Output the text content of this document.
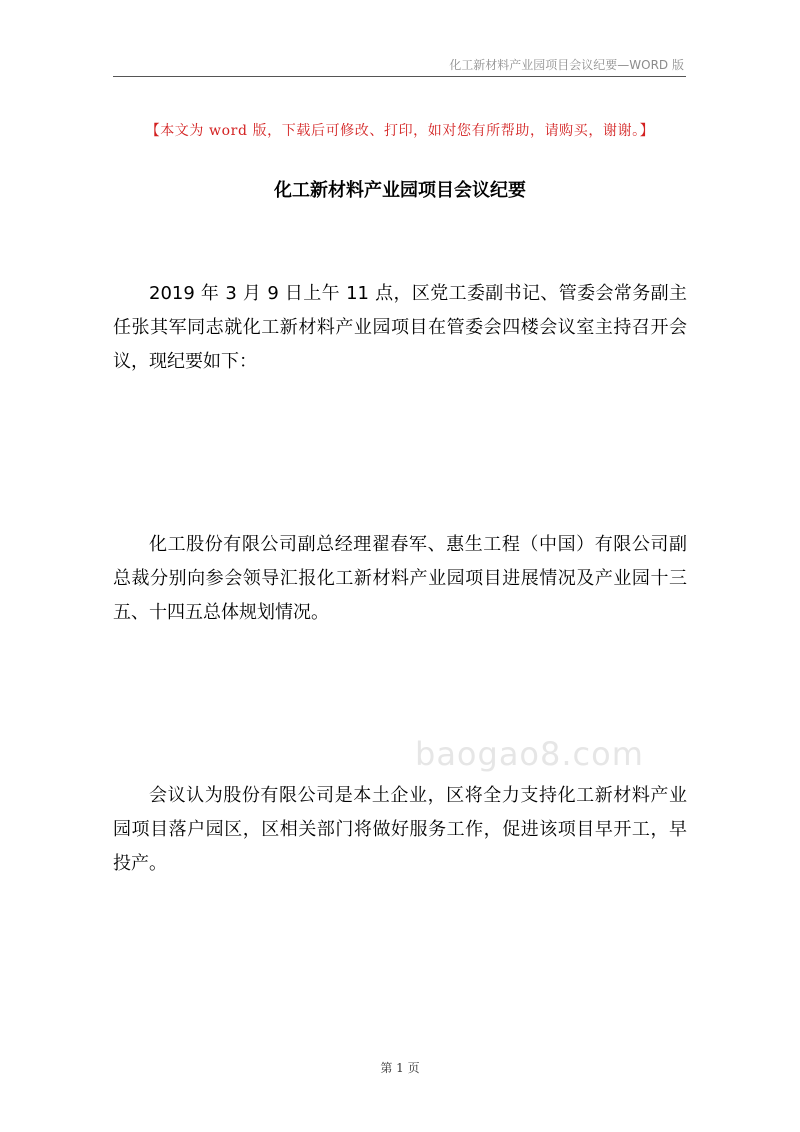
化工新材料产业园项目会议纪要—WORD 版
【本文为 word 版，下载后可修改、打印，如对您有所帮助，请购买，谢谢。】
化工新材料产业园项目会议纪要

2019 年 3 月 9 日上午 11 点，区党工委副书记、管委会常务副主任张其军同志就化工新材料产业园项目在管委会四楼会议室主持召开会议，现纪要如下：

化工股份有限公司副总经理翟春军、惠生工程（中国）有限公司副总裁分别向参会领导汇报化工新材料产业园项目进展情况及产业园十三五、十四五总体规划情况。

baogao8.com

会议认为股份有限公司是本土企业，区将全力支持化工新材料产业园项目落户园区，区相关部门将做好服务工作，促进该项目早开工，早投产。

第 1 页
